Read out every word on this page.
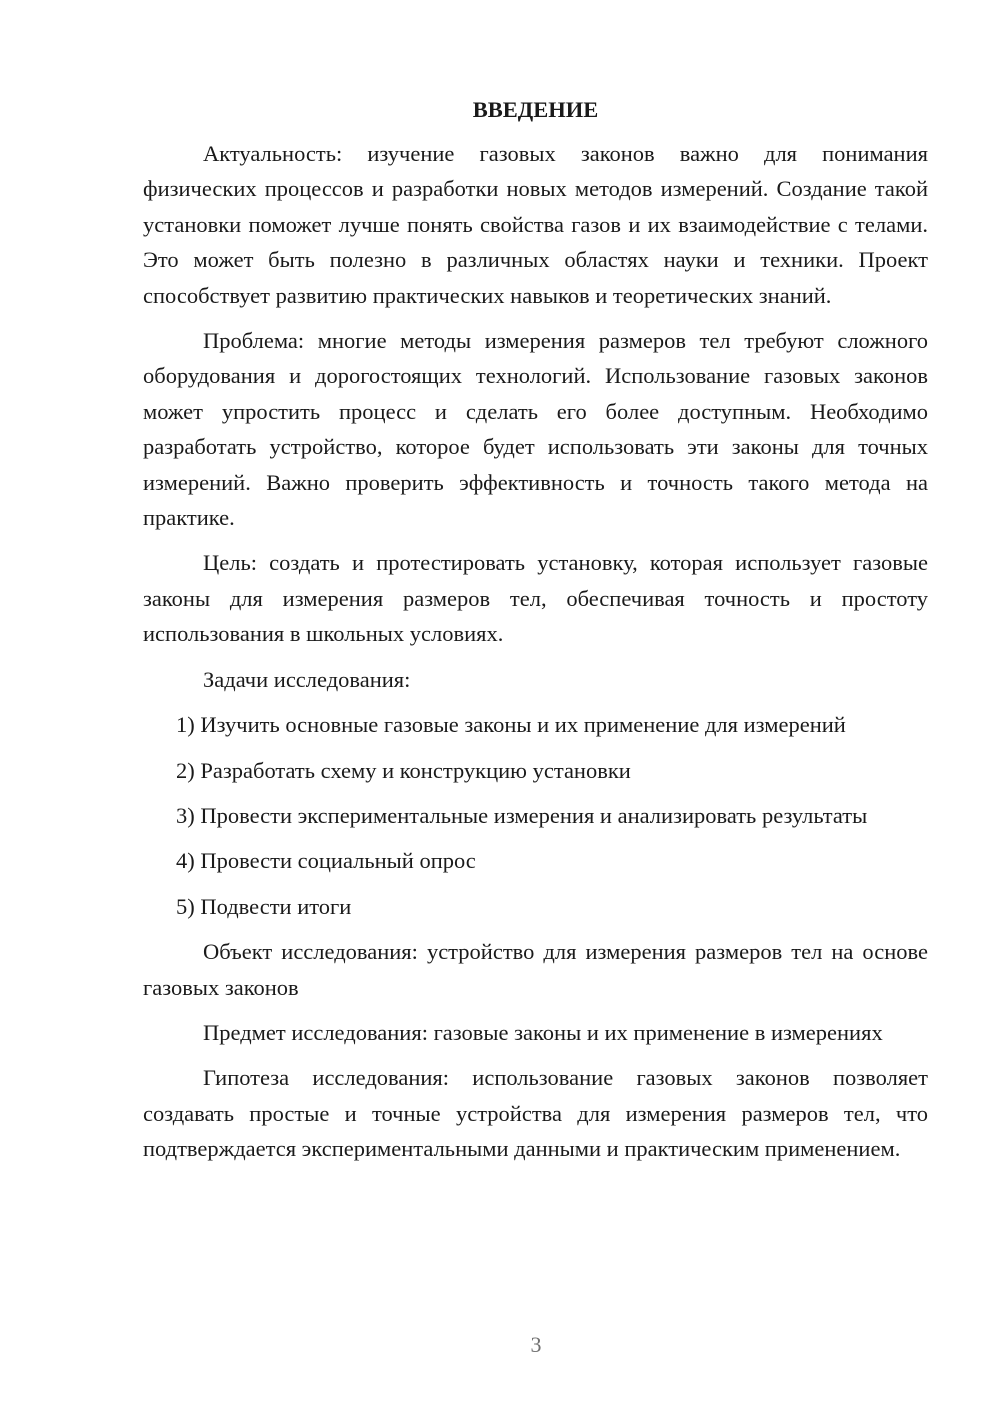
ВВЕДЕНИЕ

Актуальность: изучение газовых законов важно для понимания физических процессов и разработки новых методов измерений. Создание такой установки поможет лучше понять свойства газов и их взаимодействие с телами. Это может быть полезно в различных областях науки и техники. Проект способствует развитию практических навыков и теоретических знаний.

Проблема: многие методы измерения размеров тел требуют сложного оборудования и дорогостоящих технологий. Использование газовых законов может упростить процесс и сделать его более доступным. Необходимо разработать устройство, которое будет использовать эти законы для точных измерений. Важно проверить эффективность и точность такого метода на практике.

Цель: создать и протестировать установку, которая использует газовые законы для измерения размеров тел, обеспечивая точность и простоту использования в школьных условиях.

Задачи исследования:

1) Изучить основные газовые законы и их применение для измерений

2) Разработать схему и конструкцию установки

3) Провести экспериментальные измерения и анализировать результаты

4) Провести социальный опрос

5) Подвести итоги

Объект исследования: устройство для измерения размеров тел на основе газовых законов

Предмет исследования: газовые законы и их применение в измерениях

Гипотеза исследования: использование газовых законов позволяет создавать простые и точные устройства для измерения размеров тел, что подтверждается экспериментальными данными и практическим применением.

3
